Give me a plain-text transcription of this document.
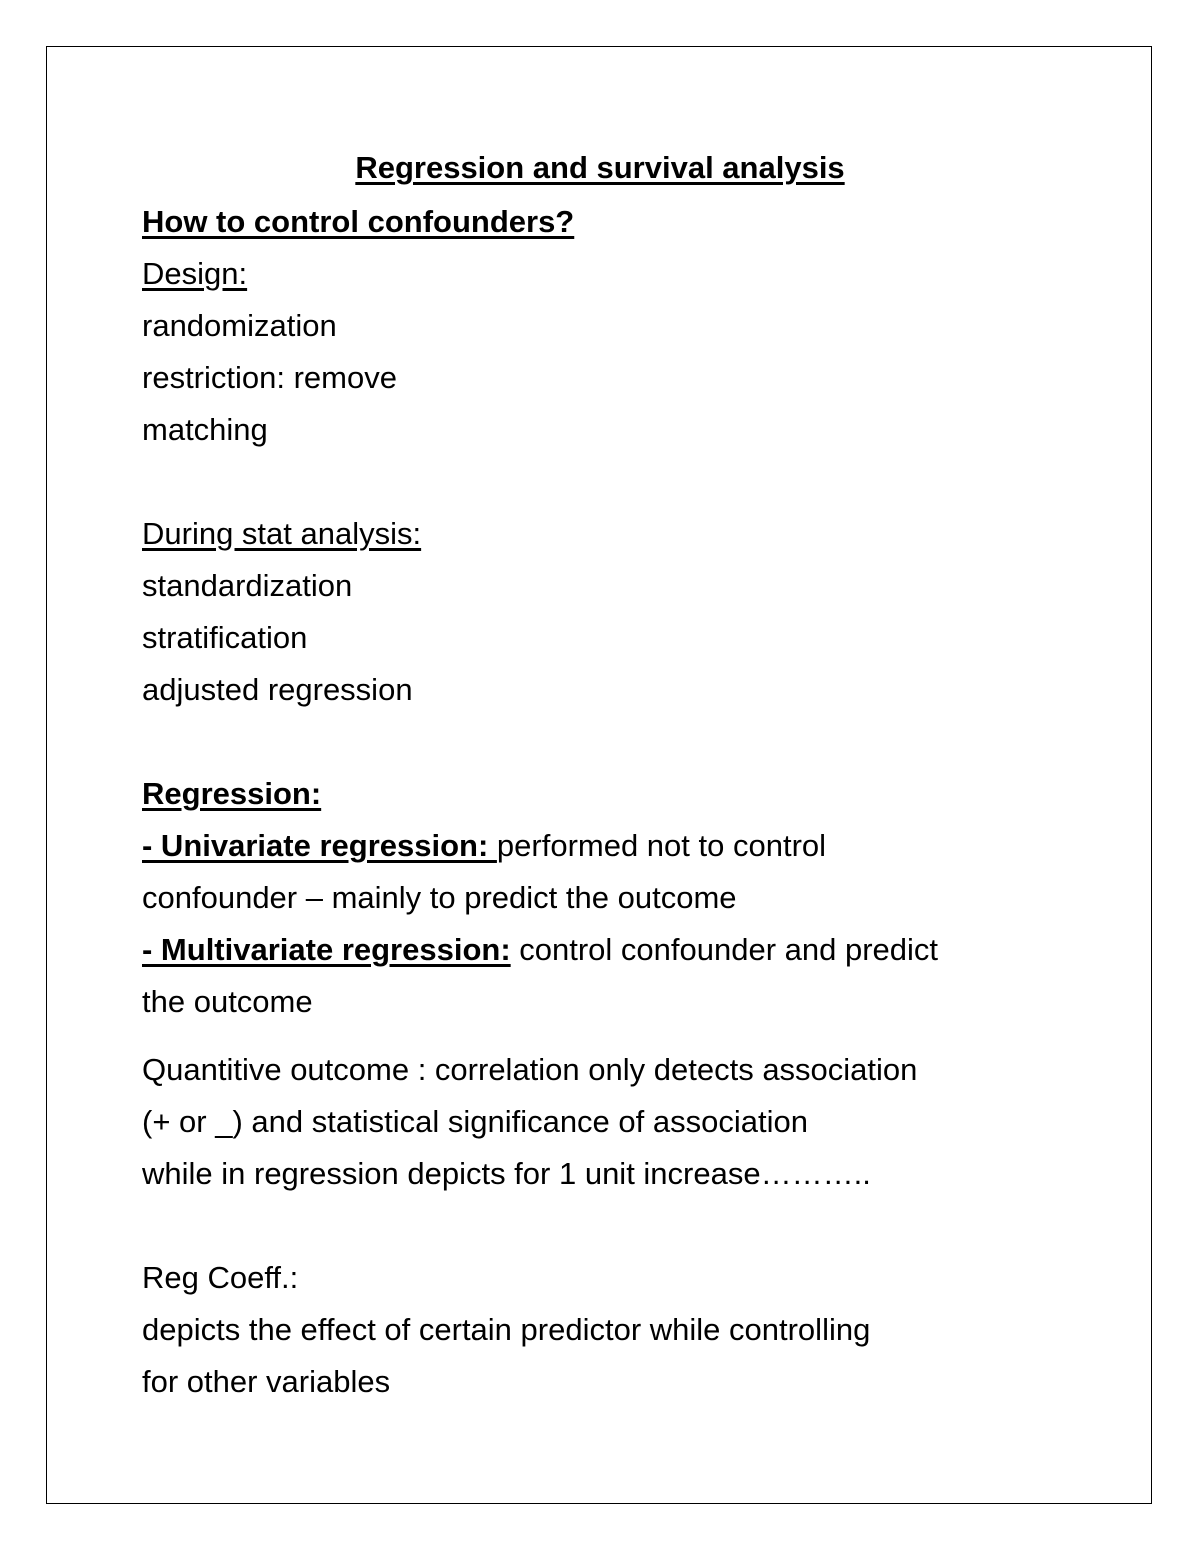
Regression and survival analysis

How to control confounders?

Design:

randomization

restriction: remove

matching

During stat analysis:

standardization

stratification

adjusted regression

Regression:

- Univariate regression: performed not to control

confounder – mainly to predict the outcome

- Multivariate regression: control confounder and predict

the outcome

Quantitive outcome : correlation only detects association

(+ or _) and statistical significance of association

while in regression depicts for 1 unit increase………..

Reg Coeff.:

depicts the effect of certain predictor while controlling

for other variables
